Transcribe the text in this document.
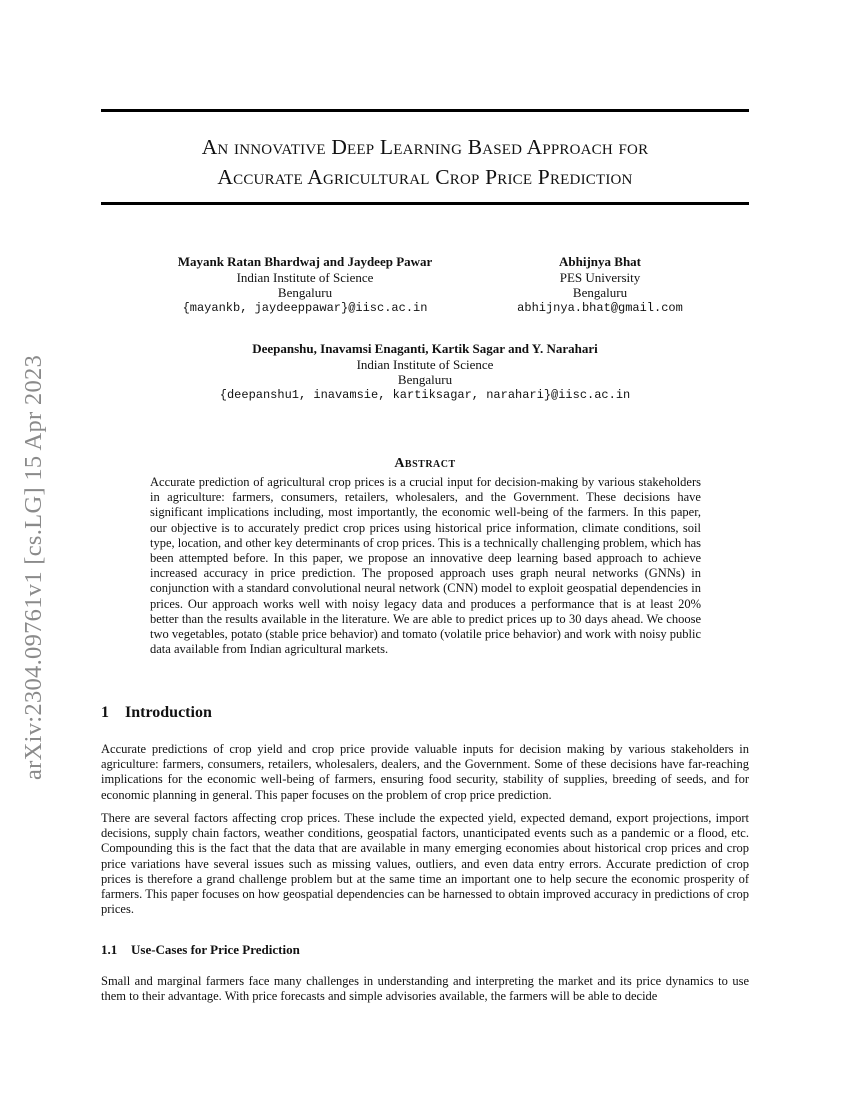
arXiv:2304.09761v1 [cs.LG] 15 Apr 2023
An innovative Deep Learning Based Approach for
Accurate Agricultural Crop Price Prediction
Mayank Ratan Bhardwaj and Jaydeep Pawar
Indian Institute of Science
Bengaluru
{mayankb, jaydeeppawar}@iisc.ac.in
Abhijnya Bhat
PES University
Bengaluru
abhijnya.bhat@gmail.com
Deepanshu, Inavamsi Enaganti, Kartik Sagar and Y. Narahari
Indian Institute of Science
Bengaluru
{deepanshu1, inavamsie, kartiksagar, narahari}@iisc.ac.in
Abstract
Accurate prediction of agricultural crop prices is a crucial input for decision-making by various stakeholders in agriculture: farmers, consumers, retailers, wholesalers, and the Government. These decisions have significant implications including, most importantly, the economic well-being of the farmers. In this paper, our objective is to accurately predict crop prices using historical price information, climate conditions, soil type, location, and other key determinants of crop prices. This is a technically challenging problem, which has been attempted before. In this paper, we propose an innovative deep learning based approach to achieve increased accuracy in price prediction. The proposed approach uses graph neural networks (GNNs) in conjunction with a standard convolutional neural network (CNN) model to exploit geospatial dependencies in prices. Our approach works well with noisy legacy data and produces a performance that is at least 20% better than the results available in the literature. We are able to predict prices up to 30 days ahead. We choose two vegetables, potato (stable price behavior) and tomato (volatile price behavior) and work with noisy public data available from Indian agricultural markets.
1 Introduction

Accurate predictions of crop yield and crop price provide valuable inputs for decision making by various stakeholders in agriculture: farmers, consumers, retailers, wholesalers, dealers, and the Government. Some of these decisions have far-reaching implications for the economic well-being of farmers, ensuring food security, stability of supplies, breeding of seeds, and for economic planning in general. This paper focuses on the problem of crop price prediction.

There are several factors affecting crop prices. These include the expected yield, expected demand, export projections, import decisions, supply chain factors, weather conditions, geospatial factors, unanticipated events such as a pandemic or a flood, etc. Compounding this is the fact that the data that are available in many emerging economies about historical crop prices and crop price variations have several issues such as missing values, outliers, and even data entry errors. Accurate prediction of crop prices is therefore a grand challenge problem but at the same time an important one to help secure the economic prosperity of farmers. This paper focuses on how geospatial dependencies can be harnessed to obtain improved accuracy in predictions of crop prices.

1.1 Use-Cases for Price Prediction

Small and marginal farmers face many challenges in understanding and interpreting the market and its price dynamics to use them to their advantage. With price forecasts and simple advisories available, the farmers will be able to decide
